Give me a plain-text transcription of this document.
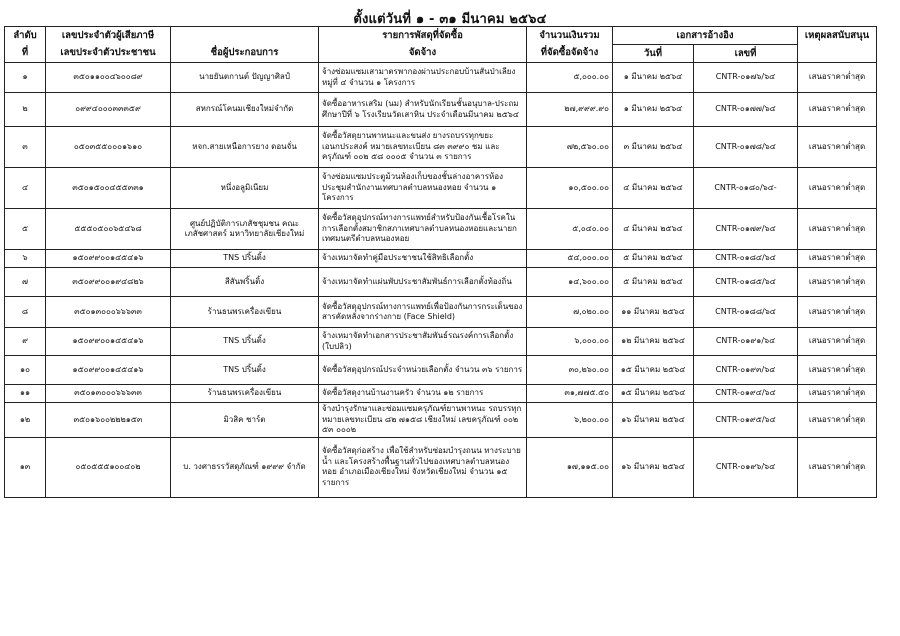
ตั้งแต่วันที่ ๑ - ๓๑ มีนาคม ๒๕๖๔
ลำดับ	เลขประจำตัวผู้เสียภาษี		รายการพัสดุที่จัดซื้อ	จำนวนเงินรวม	เอกสารอ้างอิง		เหตุผลสนับสนุน
ที่	เลขประจำตัวประชาชน	ชื่อผู้ประกอบการ	จัดจ้าง	ที่จัดซื้อจัดจ้าง	วันที่	เลขที่	
๑	๓๕๐๑๑๐๐๔๖๐๐๘๙	นายยันตกานต์ ปัญญาศิลป์	จ้างซ่อมแซมเสามาตรพากองผ่านประกอบบ้านสันป่าเลียง หมู่ที่ ๔ จำนวน ๑ โครงการ	๕,๐๐๐.๐๐	๑ มีนาคม ๒๕๖๔	CNTR-๐๑๗๖/๖๔	เสนอราคาต่ำสุด
๒	๐๙๙๔๐๐๐๓๓๓๕๙	สหกรณ์โคนมเชียงใหม่จำกัด	จัดซื้ออาหารเสริม (นม) สำหรับนักเรียนชั้นอนุบาล-ประถมศึกษาปีที่ ๖ โรงเรียนวัดเสาหิน ประจำเดือนมีนาคม ๒๕๖๔	๒๗,๙๙๙.๙๐	๑ มีนาคม ๒๕๖๔	CNTR-๐๑๗๗/๖๔	เสนอราคาต่ำสุด
๓	๐๕๐๓๕๕๐๐๐๑๖๑๐	หจก.สายเหนือการยาง ดอนจั่น	จัดซื้อวัสดุยานพาหนะและขนส่ง ยางรถบรรทุกขยะ เอนกประสงค์ หมายเลขทะเบียน ๘๓ ๓๙๙๐ ชม และ ครุภัณฑ์ ๐๐๒ ๕๘ ๐๐๐๕ จำนวน ๓ รายการ	๗๒,๕๖๐.๐๐	๓ มีนาคม ๒๕๖๔	CNTR-๐๑๗๘/๖๔	เสนอราคาต่ำสุด
๔	๓๕๐๑๕๐๐๔๕๕๓๓๑	หนึ่งอลูมิเนียม	จ้างซ่อมแซมประตูม้วนห้องเก็บของชั้นล่างอาคารห้องประชุมสำนักงานเทศบาลตำบลหนองหอย จำนวน ๑ โครงการ	๑๐,๕๐๐.๐๐	๔ มีนาคม ๒๕๖๔	CNTR-๐๑๘๐/๖๔-	เสนอราคาต่ำสุด
๕	๕๕๕๐๕๐๐๖๕๔๖๘	ศูนย์ปฏิบัติการเภสัชชุมชน คณะเภสัชศาสตร์ มหาวิทยาลัยเชียงใหม่	จัดซื้อวัสดุอุปกรณ์ทางการแพทย์สำหรับป้องกันเชื้อโรคในการเลือกตั้งสมาชิกสภาเทศบาลตำบลหนองหอยและนายกเทศมนตรีตำบลหนองหอย	๕,๐๔๐.๐๐	๔ มีนาคม ๒๕๖๔	CNTR-๐๑๗๙/๖๔	เสนอราคาต่ำสุด
๖	๑๕๐๙๙๐๐๑๔๕๔๑๖	TNS ปริ้นติ้ง	จ้างเหมาจัดทำคู่มือประชาชนใช้สิทธิเลือกตั้ง	๕๔,๐๐๐.๐๐	๕ มีนาคม ๒๕๖๔	CNTR-๐๑๘๔/๖๔	เสนอราคาต่ำสุด
๗	๓๕๐๙๙๐๐๑๙๔๘๒๖	สีสันพริ้นติ้ง	จ้างเหมาจัดทำแผ่นพับประชาสัมพันธ์การเลือกตั้งท้องถิ่น	๑๔,๖๐๐.๐๐	๕ มีนาคม ๒๕๖๔	CNTR-๐๑๘๕/๖๔	เสนอราคาต่ำสุด
๘	๓๕๐๑๓๐๐๐๖๖๖๓๓	ร้านธนพรเครื่องเขียน	จัดซื้อวัสดุอุปกรณ์ทางการแพทย์เพื่อป้องกันการกระเด็นของสารคัดหลั่งจากร่างกาย (Face Shield)	๗,๐๒๐.๐๐	๑๑ มีนาคม ๒๕๖๔	CNTR-๐๑๘๘/๖๔	เสนอราคาต่ำสุด
๙	๑๕๐๙๙๐๐๑๔๕๔๑๖	TNS ปริ้นติ้ง	จ้างเหมาจัดทำเอกสารประชาสัมพันธ์รณรงค์การเลือกตั้ง (ใบปลิว)	๖,๐๐๐.๐๐	๑๒ มีนาคม ๒๕๖๔	CNTR-๐๑๙๑/๖๔	เสนอราคาต่ำสุด
๑๐	๑๕๐๙๙๐๐๑๔๕๔๑๖	TNS ปริ้นติ้ง	จัดซื้อวัสดุอุปกรณ์ประจำหน่วยเลือกตั้ง จำนวน ๓๖ รายการ	๓๐,๒๖๐.๐๐	๑๕ มีนาคม ๒๕๖๔	CNTR-๐๑๙๓/๖๔	เสนอราคาต่ำสุด
๑๑	๓๕๐๑๓๐๐๐๖๖๖๓๓	ร้านธนพรเครื่องเขียน	จัดซื้อวัสดุงานบ้านงานครัว จำนวน ๑๒ รายการ	๓๑,๗๗๕.๕๐	๑๕ มีนาคม ๒๕๖๔	CNTR-๐๑๙๔/๖๔	เสนอราคาต่ำสุด
๑๒	๓๕๐๑๖๐๐๒๒๒๑๕๓	มิวสิค ชาร์ต	จ้างบำรุงรักษาและซ่อมแซมครุภัณฑ์ยานพาหนะ รถบรรทุก หมายเลขทะเบียน ๘๒ ๗๑๕๘ เชียงใหม่ เลขครุภัณฑ์ ๐๐๒ ๕๓ ๐๐๐๒	๖,๒๐๐.๐๐	๑๖ มีนาคม ๒๕๖๔	CNTR-๐๑๙๕/๖๔	เสนอราคาต่ำสุด
๑๓	๐๕๐๕๕๕๑๐๐๔๐๒	บ. วงศาธรรวัสดุภัณฑ์ ๑๙๙๙ จำกัด	จัดซื้อวัสดุก่อสร้าง เพื่อใช้สำหรับซ่อมบำรุงถนน ทางระบายน้ำ และโครงสร้างพื้นฐานทั่วไปของเทศบาลตำบลหนองหอย อำเภอเมืองเชียงใหม่ จังหวัดเชียงใหม่ จำนวน ๑๕ รายการ	๑๗,๑๑๕.๐๐	๑๖ มีนาคม ๒๕๖๔	CNTR-๐๑๙๖/๖๔	เสนอราคาต่ำสุด
